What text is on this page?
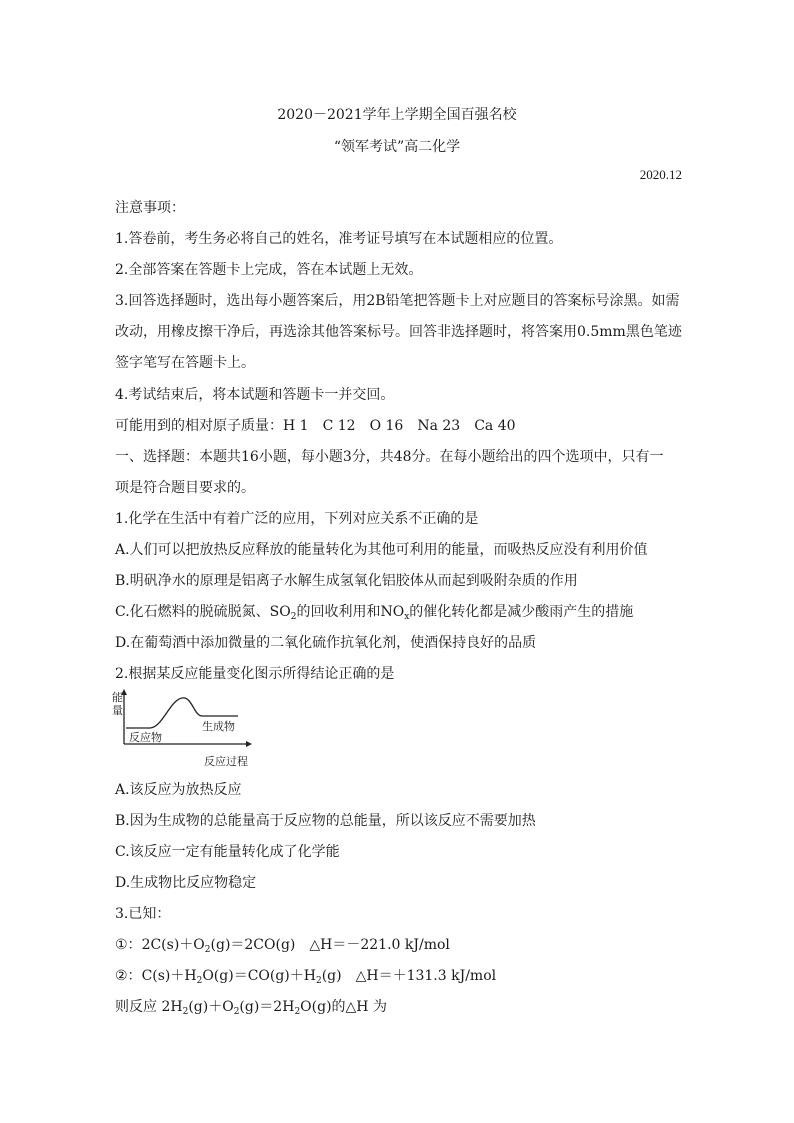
2020－2021学年上学期全国百强名校
“领军考试”高二化学
2020.12
注意事项：
1.答卷前，考生务必将自己的姓名，准考证号填写在本试题相应的位置。
2.全部答案在答题卡上完成，答在本试题上无效。
3.回答选择题时，选出每小题答案后，用2B铅笔把答题卡上对应题目的答案标号涂黑。如需
改动，用橡皮擦干净后，再选涂其他答案标号。回答非选择题时，将答案用0.5mm黑色笔迹
签字笔写在答题卡上。
4.考试结束后，将本试题和答题卡一并交回。
可能用到的相对原子质量：H 1 C 12 O 16 Na 23 Ca 40
一、选择题：本题共16小题，每小题3分，共48分。在每小题给出的四个选项中，只有一
项是符合题目要求的。
1.化学在生活中有着广泛的应用，下列对应关系不正确的是
A.人们可以把放热反应释放的能量转化为其他可利用的能量，而吸热反应没有利用价值
B.明矾净水的原理是铝离子水解生成氢氧化铝胶体从而起到吸附杂质的作用
C.化石燃料的脱硫脱氮、$SO_2$的回收利用和$NO_x$的催化转化都是减少酸雨产生的措施
D.在葡萄酒中添加微量的二氧化硫作抗氧化剂，使酒保持良好的品质
2.根据某反应能量变化图示所得结论正确的是
能
量
反应物
生成物
反应过程
A.该反应为放热反应
B.因为生成物的总能量高于反应物的总能量，所以该反应不需要加热
C.该反应一定有能量转化成了化学能
D.生成物比反应物稳定
3.已知：
①：$2C(s)+O_2(g)=2CO(g)$ △H＝－221.0 kJ/mol
②：$C(s)+H_2O(g)=CO(g)+H_2(g)$ △H＝＋131.3 kJ/mol
则反应 $2H_2(g)+O_2(g)=2H_2O(g)$的△H 为
